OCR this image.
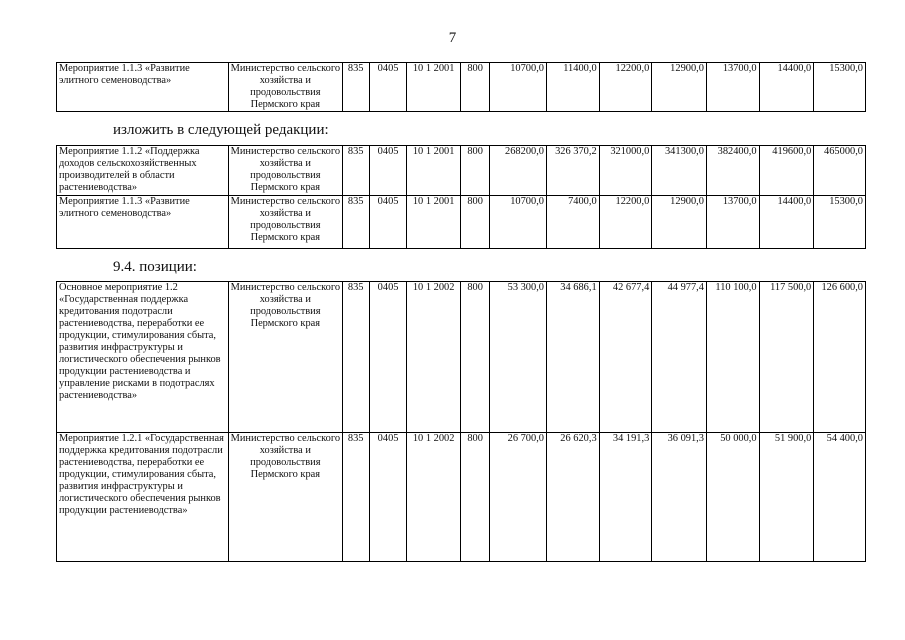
7
Мероприятие 1.1.3 «Развитие элитного семеноводства»	Министерство сельского хозяйства и продовольствия Пермского края	835	0405	10 1 2001	800	10700,0	11400,0	12200,0	12900,0	13700,0	14400,0	15300,0
изложить в следующей редакции:
Мероприятие 1.1.2 «Поддержка доходов сельскохозяйственных производителей в области растениеводства»	Министерство сельского хозяйства и продовольствия Пермского края	835	0405	10 1 2001	800	268200,0	326 370,2	321000,0	341300,0	382400,0	419600,0	465000,0
Мероприятие 1.1.3 «Развитие элитного семеноводства»	Министерство сельского хозяйства и продовольствия Пермского края	835	0405	10 1 2001	800	10700,0	7400,0	12200,0	12900,0	13700,0	14400,0	15300,0
9.4. позиции:
Основное мероприятие 1.2 «Государственная поддержка кредитования подотрасли растениеводства, переработки ее продукции, стимулирования сбыта, развития инфраструктуры и логистического обеспечения рынков продукции растениеводства и управление рисками в подотраслях растениеводства»	Министерство сельского хозяйства и продовольствия Пермского края	835	0405	10 1 2002	800	53 300,0	34 686,1	42 677,4	44 977,4	110 100,0	117 500,0	126 600,0
Мероприятие 1.2.1 «Государственная поддержка кредитования подотрасли растениеводства, переработки ее продукции, стимулирования сбыта, развития инфраструктуры и логистического обеспечения рынков продукции растениеводства»	Министерство сельского хозяйства и продовольствия Пермского края	835	0405	10 1 2002	800	26 700,0	26 620,3	34 191,3	36 091,3	50 000,0	51 900,0	54 400,0
